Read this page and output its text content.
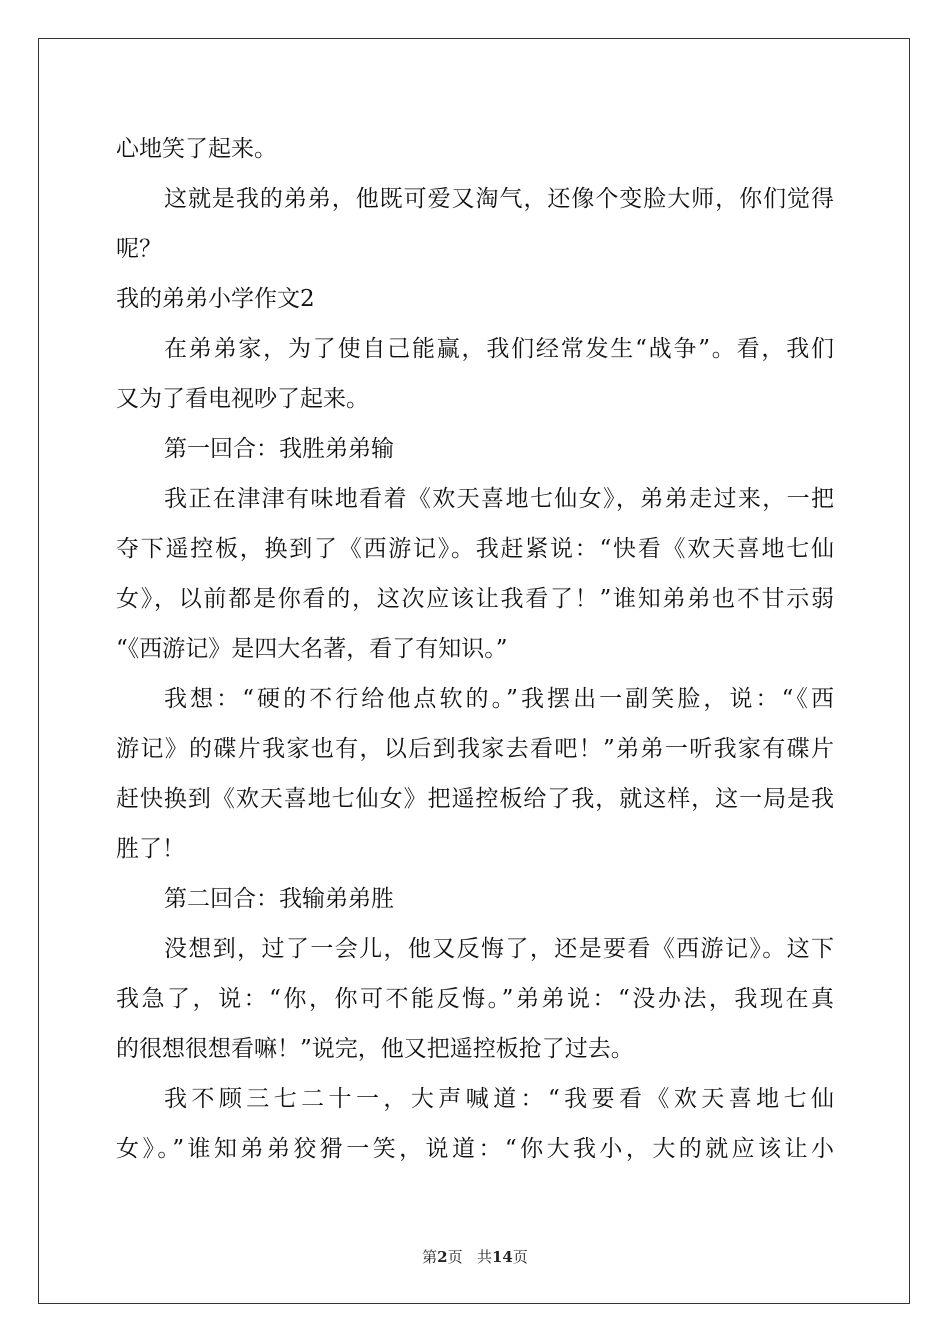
心地笑了起来。
这就是我的弟弟，他既可爱又淘气，还像个变脸大师，你们觉得
呢？
我的弟弟小学作文2
在弟弟家，为了使自己能赢，我们经常发生“战争”。看，我们
又为了看电视吵了起来。
第一回合：我胜弟弟输
我正在津津有味地看着《欢天喜地七仙女》，弟弟走过来，一把
夺下遥控板，换到了《西游记》。我赶紧说：“快看《欢天喜地七仙
女》，以前都是你看的，这次应该让我看了！”谁知弟弟也不甘示弱
“《西游记》是四大名著，看了有知识。”
我想：“硬的不行给他点软的。”我摆出一副笑脸，说：“《西
游记》的碟片我家也有，以后到我家去看吧！”弟弟一听我家有碟片
赶快换到《欢天喜地七仙女》把遥控板给了我，就这样，这一局是我
胜了！
第二回合：我输弟弟胜
没想到，过了一会儿，他又反悔了，还是要看《西游记》。这下
我急了，说：“你，你可不能反悔。”弟弟说：“没办法，我现在真
的很想很想看嘛！”说完，他又把遥控板抢了过去。
我不顾三七二十一，大声喊道：“我要看《欢天喜地七仙
女》。”谁知弟弟狡猾一笑，说道：“你大我小，大的就应该让小
第2页 共14页
